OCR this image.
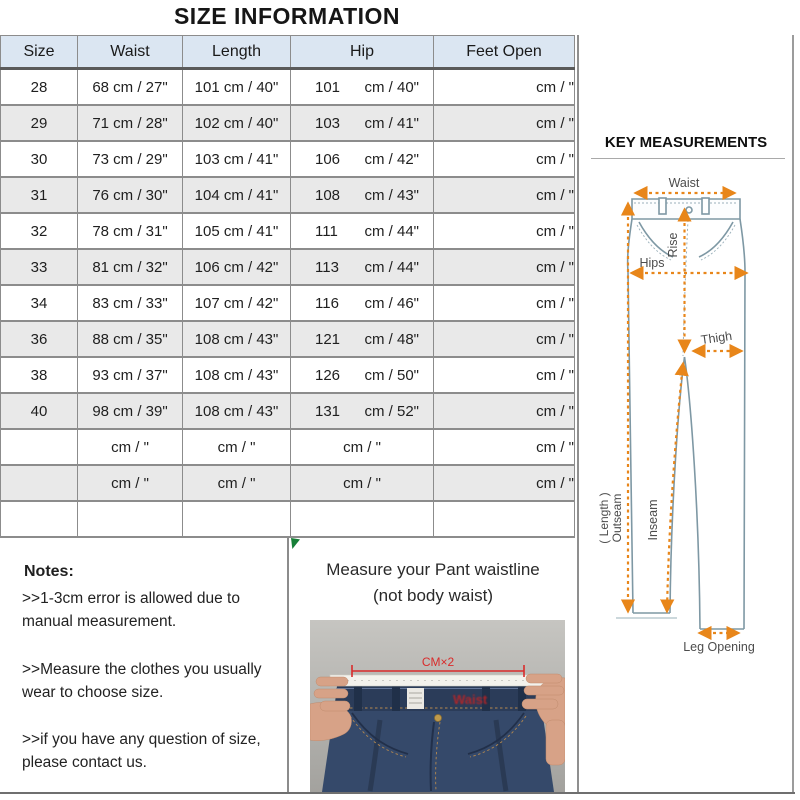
SIZE INFORMATION
Size	Waist	Length	Hip	Feet Open
28	68 cm / 27"	101 cm / 40"	101 cm / 40"	cm / "
29	71 cm / 28"	102 cm / 40"	103 cm / 41"	cm / "
30	73 cm / 29"	103 cm / 41"	106 cm / 42"	cm / "
31	76 cm / 30"	104 cm / 41"	108 cm / 43"	cm / "
32	78 cm / 31"	105 cm / 41"	111 cm / 44"	cm / "
33	81 cm / 32"	106 cm / 42"	113 cm / 44"	cm / "
34	83 cm / 33"	107 cm / 42"	116 cm / 46"	cm / "
36	88 cm / 35"	108 cm / 43"	121 cm / 48"	cm / "
38	93 cm / 37"	108 cm / 43"	126 cm / 50"	cm / "
40	98 cm / 39"	108 cm / 43"	131 cm / 52"	cm / "
	cm / "	cm / "	cm / "	cm / "
	cm / "	cm / "	cm / "	cm / "

Notes:

>>1-3cm error is allowed due to manual measurement.

>>Measure the clothes you usually wear to choose size.

>>if you have any question of size, please contact us.

Measure your Pant waistline
(not body waist)
Waist
CM×2
KEY MEASUREMENTS
Waist
Hips
Rise
Thigh
( Length ) Outseam Inseam
Leg Opening
